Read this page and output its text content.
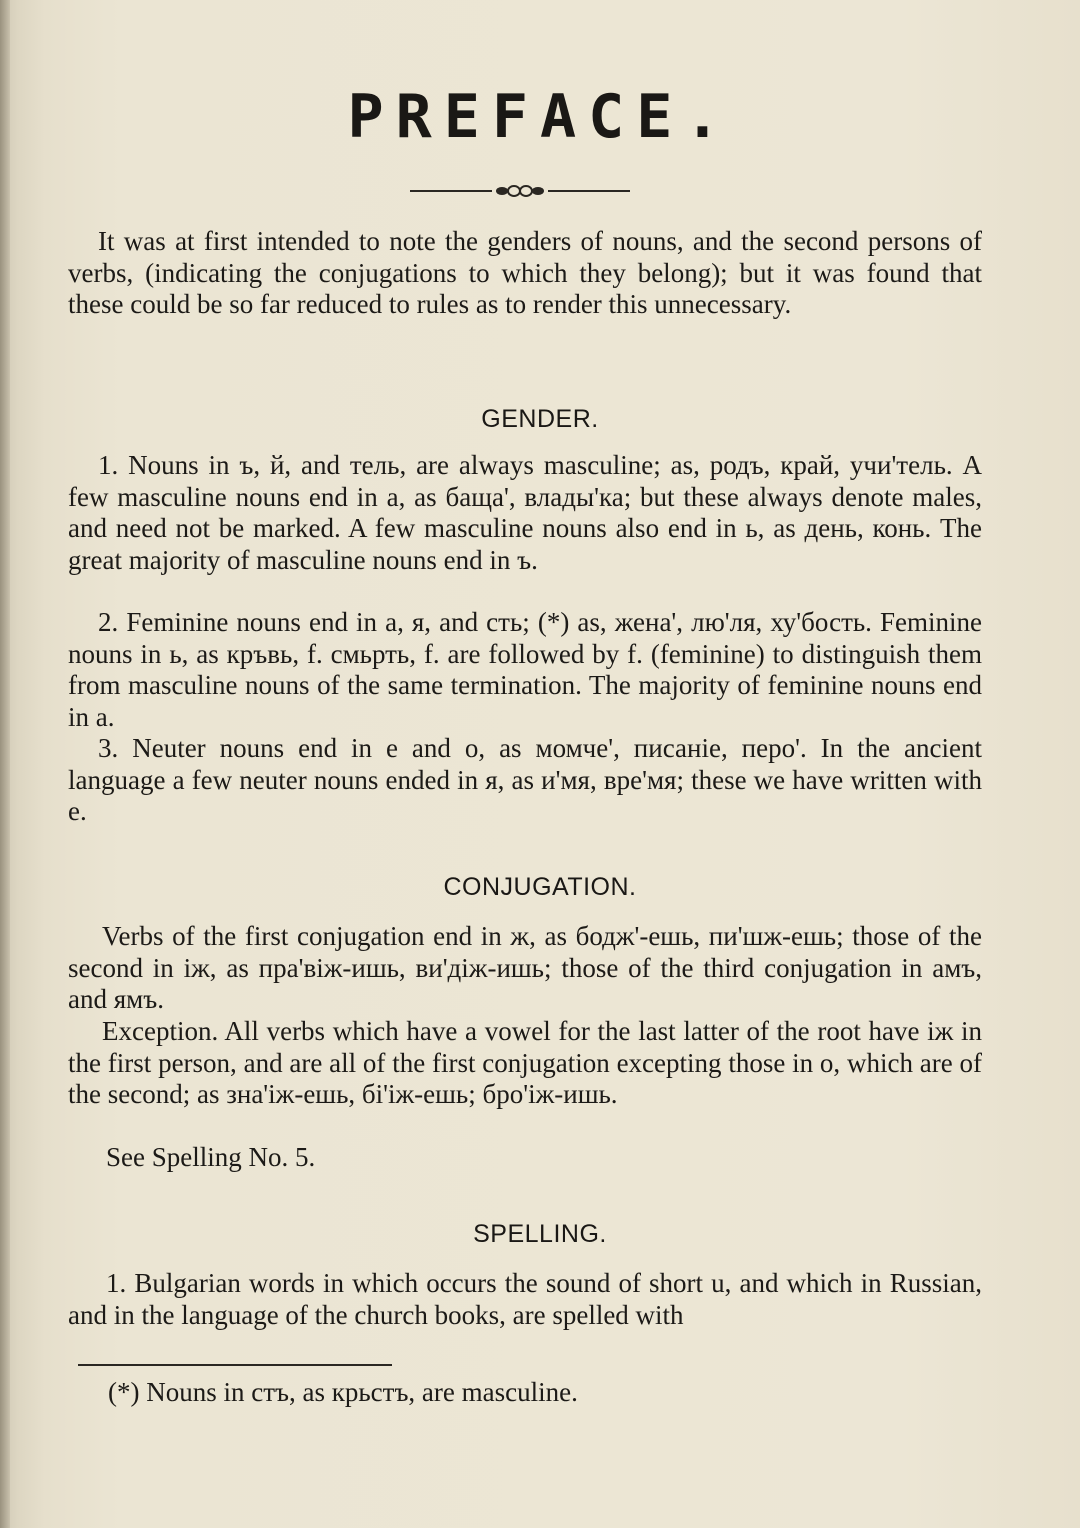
PREFACE.

It was at first intended to note the genders of nouns, and the second persons of verbs, (indicating the conjugations to which they belong); but it was found that these could be so far reduced to rules as to render this unnecessary.

GENDER.

1. Nouns in ъ, й, and тель, are always masculine; as, родъ, край, учи'тель. A few masculine nouns end in a, as баща', влады'ка; but these always denote males, and need not be marked. A few masculine nouns also end in ь, as день, конь. The great majority of masculine nouns end in ъ.

2. Feminine nouns end in а, я, and сть; (*) as, жена', лю'ля, ху'бость. Feminine nouns in ь, as кръвь, f. смьрть, f. are followed by f. (feminine) to distinguish them from masculine nouns of the same termination. The majority of feminine nouns end in a.

3. Neuter nouns end in е and о, as момче', писаніе, перо'. In the ancient language a few neuter nouns ended in я, as и'мя, вре'мя; these we have written with е.

CONJUGATION.

Verbs of the first conjugation end in ж, as бодж'-ешь, пи'шж-ешь; those of the second in іж, as пра'віж-ишь, ви'діж-ишь; those of the third conjugation in амъ, and ямъ.

Exception. All verbs which have a vowel for the last latter of the root have іж in the first person, and are all of the first conjugation excepting those in о, which are of the second; as зна'іж-ешь, бі'іж-ешь; бро'іж-ишь.

See Spelling No. 5.

SPELLING.

1. Bulgarian words in which occurs the sound of short u, and which in Russian, and in the language of the church books, are spelled with

(*) Nouns in стъ, as крьстъ, are masculine.
